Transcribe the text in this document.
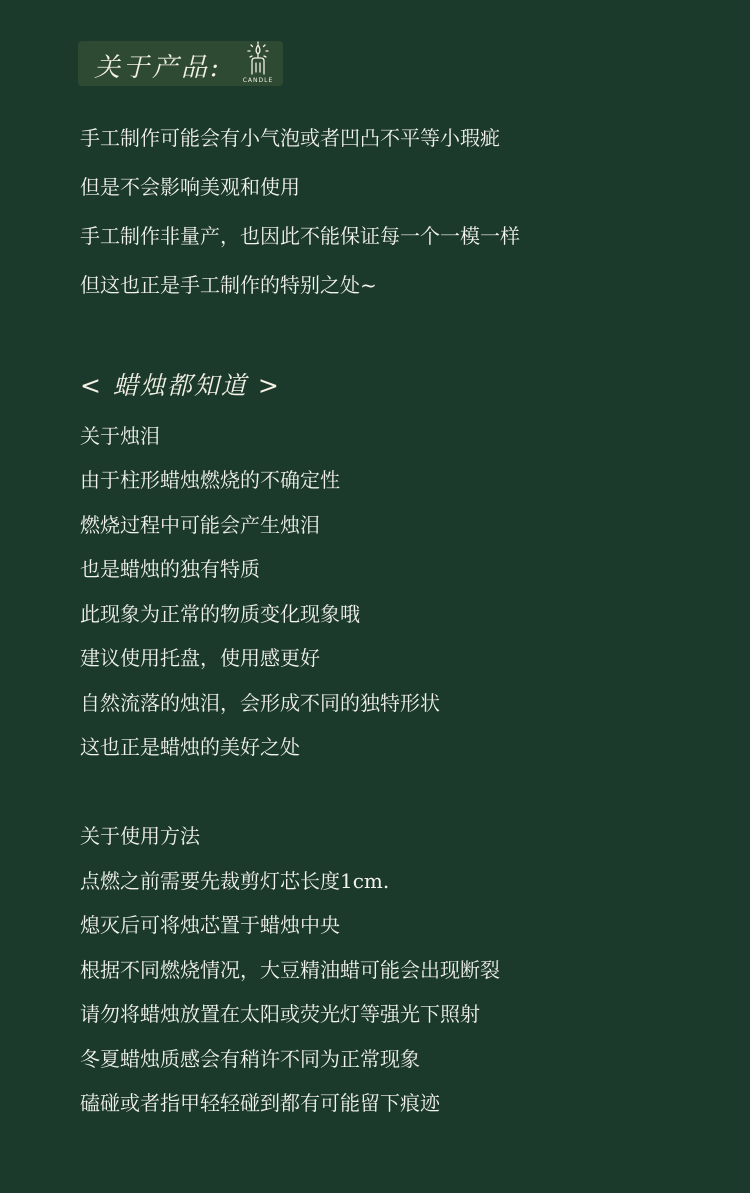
关于产品:	CANDLE
手工制作可能会有小气泡或者凹凸不平等小瑕疵
但是不会影响美观和使用
手工制作非量产，也因此不能保证每一个一模一样
但这也正是手工制作的特别之处~
< 蜡烛都知道 >
关于烛泪
由于柱形蜡烛燃烧的不确定性
燃烧过程中可能会产生烛泪
也是蜡烛的独有特质
此现象为正常的物质变化现象哦
建议使用托盘，使用感更好
自然流落的烛泪，会形成不同的独特形状
这也正是蜡烛的美好之处
关于使用方法
点燃之前需要先裁剪灯芯长度1cm.
熄灭后可将烛芯置于蜡烛中央
根据不同燃烧情况，大豆精油蜡可能会出现断裂
请勿将蜡烛放置在太阳或荧光灯等强光下照射
冬夏蜡烛质感会有稍许不同为正常现象
磕碰或者指甲轻轻碰到都有可能留下痕迹
